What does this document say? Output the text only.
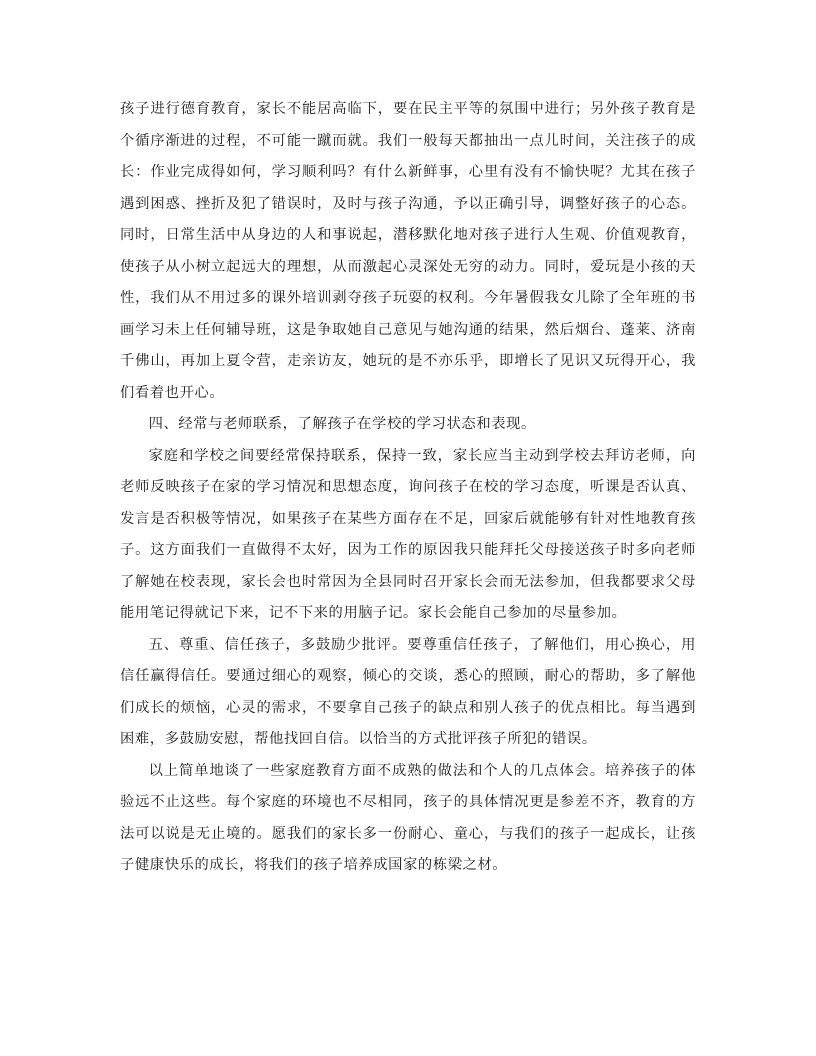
孩子进行德育教育，家长不能居高临下，要在民主平等的氛围中进行；另外孩子教育是个循序渐进的过程，不可能一蹴而就。我们一般每天都抽出一点儿时间，关注孩子的成长：作业完成得如何，学习顺利吗？有什么新鲜事，心里有没有不愉快呢？尤其在孩子遇到困惑、挫折及犯了错误时，及时与孩子沟通，予以正确引导，调整好孩子的心态。同时，日常生活中从身边的人和事说起，潜移默化地对孩子进行人生观、价值观教育，使孩子从小树立起远大的理想，从而激起心灵深处无穷的动力。同时，爱玩是小孩的天性，我们从不用过多的课外培训剥夺孩子玩耍的权利。今年暑假我女儿除了全年班的书画学习未上任何辅导班，这是争取她自己意见与她沟通的结果，然后烟台、蓬莱、济南千佛山，再加上夏令营，走亲访友，她玩的是不亦乐乎，即增长了见识又玩得开心，我们看着也开心。

四、经常与老师联系，了解孩子在学校的学习状态和表现。

家庭和学校之间要经常保持联系，保持一致，家长应当主动到学校去拜访老师，向老师反映孩子在家的学习情况和思想态度，询问孩子在校的学习态度，听课是否认真、发言是否积极等情况，如果孩子在某些方面存在不足，回家后就能够有针对性地教育孩子。这方面我们一直做得不太好，因为工作的原因我只能拜托父母接送孩子时多向老师了解她在校表现，家长会也时常因为全县同时召开家长会而无法参加，但我都要求父母能用笔记得就记下来，记不下来的用脑子记。家长会能自己参加的尽量参加。

五、尊重、信任孩子，多鼓励少批评。要尊重信任孩子，了解他们，用心换心，用信任赢得信任。要通过细心的观察，倾心的交谈，悉心的照顾，耐心的帮助，多了解他们成长的烦恼，心灵的需求，不要拿自己孩子的缺点和别人孩子的优点相比。每当遇到困难，多鼓励安慰，帮他找回自信。以恰当的方式批评孩子所犯的错误。

以上简单地谈了一些家庭教育方面不成熟的做法和个人的几点体会。培养孩子的体验远不止这些。每个家庭的环境也不尽相同，孩子的具体情况更是参差不齐，教育的方法可以说是无止境的。愿我们的家长多一份耐心、童心，与我们的孩子一起成长，让孩子健康快乐的成长，将我们的孩子培养成国家的栋梁之材。
